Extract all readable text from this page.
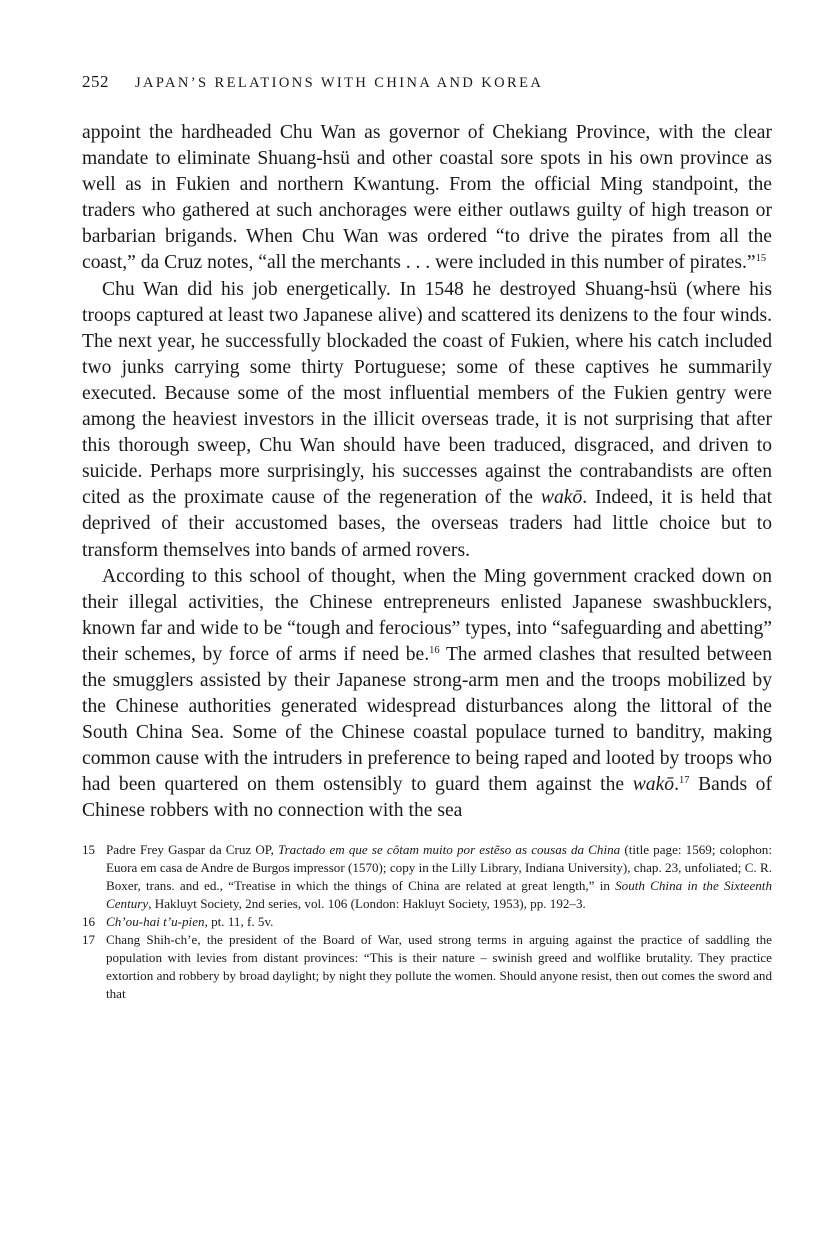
252 JAPAN’S RELATIONS WITH CHINA AND KOREA

appoint the hardheaded Chu Wan as governor of Chekiang Province, with the clear mandate to eliminate Shuang-hsü and other coastal sore spots in his own province as well as in Fukien and northern Kwantung. From the official Ming standpoint, the traders who gathered at such anchorages were either outlaws guilty of high treason or barbarian brigands. When Chu Wan was ordered “to drive the pirates from all the coast,” da Cruz notes, “all the merchants . . . were included in this number of pirates.”$^{15}$

Chu Wan did his job energetically. In 1548 he destroyed Shuang-hsü (where his troops captured at least two Japanese alive) and scattered its denizens to the four winds. The next year, he successfully blockaded the coast of Fukien, where his catch included two junks carrying some thirty Portuguese; some of these captives he summarily executed. Because some of the most influential members of the Fukien gentry were among the heaviest investors in the illicit overseas trade, it is not surprising that after this thorough sweep, Chu Wan should have been traduced, disgraced, and driven to suicide. Perhaps more surprisingly, his successes against the contrabandists are often cited as the proximate cause of the regeneration of the wakō. Indeed, it is held that deprived of their accustomed bases, the overseas traders had little choice but to transform themselves into bands of armed rovers.

According to this school of thought, when the Ming government cracked down on their illegal activities, the Chinese entrepreneurs enlisted Japanese swashbucklers, known far and wide to be “tough and ferocious” types, into “safeguarding and abetting” their schemes, by force of arms if need be.$^{16}$ The armed clashes that resulted between the smugglers assisted by their Japanese strong-arm men and the troops mobilized by the Chinese authorities generated widespread disturbances along the littoral of the South China Sea. Some of the Chinese coastal populace turned to banditry, making common cause with the intruders in preference to being raped and looted by troops who had been quartered on them ostensibly to guard them against the wakō.$^{17}$ Bands of Chinese robbers with no connection with the sea

15 Padre Frey Gaspar da Cruz OP, Tractado em que se côtam muito por estẽso as cousas da China (title page: 1569; colophon: Euora em casa de Andre de Burgos impressor (1570); copy in the Lilly Library, Indiana University), chap. 23, unfoliated; C. R. Boxer, trans. and ed., “Treatise in which the things of China are related at great length,” in South China in the Sixteenth Century, Hakluyt Society, 2nd series, vol. 106 (London: Hakluyt Society, 1953), pp. 192–3.
16 Ch’ou-hai t’u-pien, pt. 11, f. 5v.
17 Chang Shih-ch’e, the president of the Board of War, used strong terms in arguing against the practice of saddling the population with levies from distant provinces: “This is their nature – swinish greed and wolflike brutality. They practice extortion and robbery by broad daylight; by night they pollute the women. Should anyone resist, then out comes the sword and that
